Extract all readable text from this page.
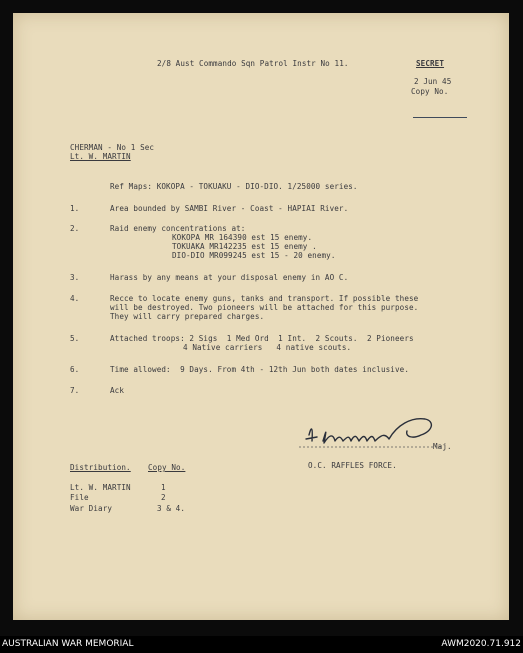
2/8 Aust Commando Sqn Patrol Instr No 11.	SECRET
2 Jun 45
Copy No.
CHERMAN - No 1 Sec
Lt. W. MARTIN
Ref Maps: KOKOPA - TOKUAKU - DIO-DIO. 1/25000 series.
1.	Area bounded by SAMBI River - Coast - HAPIAI River.
2.	Raid enemy concentrations at:
KOKOPA MR 164390 est 15 enemy.
TOKUAKA MR142235 est 15 enemy .
DIO-DIO MR099245 est 15 - 20 enemy.
3.	Harass by any means at your disposal enemy in AO C.
4.	Recce to locate enemy guns, tanks and transport. If possible these
will be destroyed. Two pioneers will be attached for this purpose.
They will carry prepared charges.
5.	Attached troops: 2 Sigs  1 Med Ord  1 Int.  2 Scouts.  2 Pioneers
4 Native carriers   4 native scouts.
6.	Time allowed:  9 Days. From 4th - 12th Jun both dates inclusive.
7.	Ack
Maj.
O.C. RAFFLES FORCE.
Distribution. Copy No.
Lt. W. MARTIN	1
File	2
War Diary	3 & 4.
AUSTRALIAN WAR MEMORIAL	AWM2020.71.912
